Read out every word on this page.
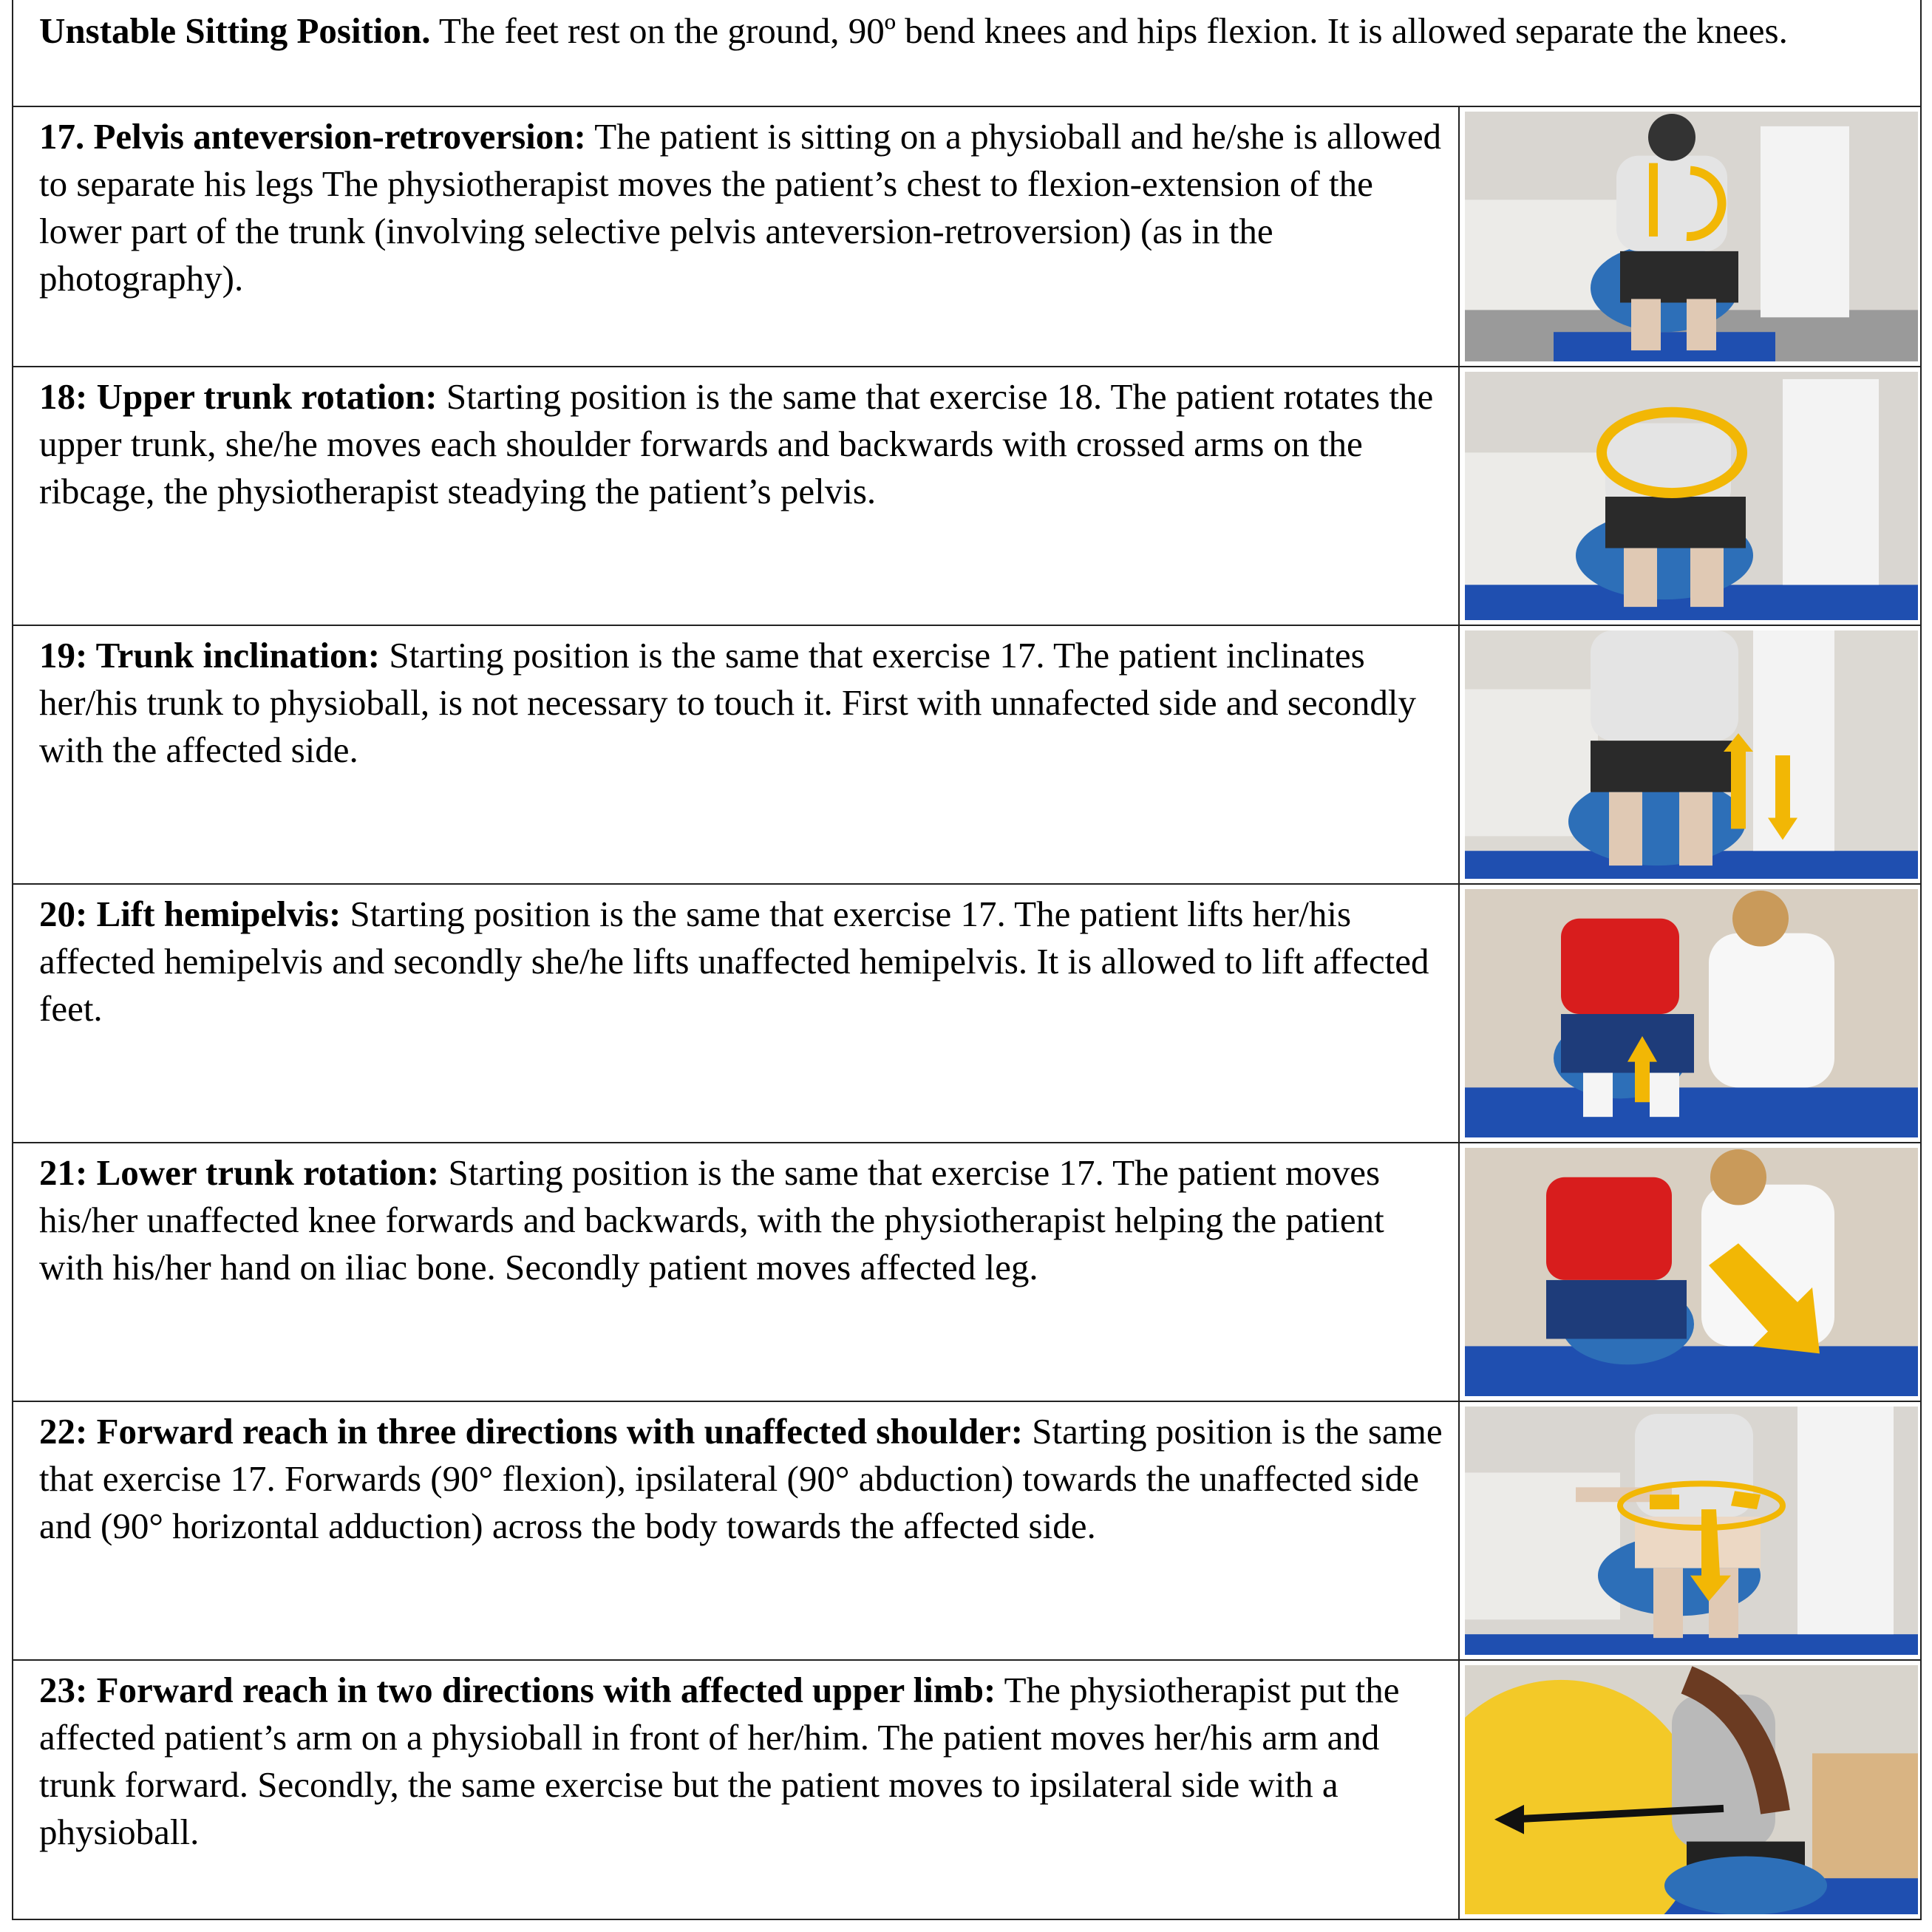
Unstable Sitting Position. The feet rest on the ground, 90º bend knees and hips flexion. It is allowed separate the knees.
17. Pelvis anteversion-retroversion: The patient is sitting on a physioball and he/she is allowed to separate his legs The physiotherapist moves the patient’s chest to flexion-extension of the lower part of the trunk (involving selective pelvis anteversion-retroversion) (as in the photography).
18: Upper trunk rotation: Starting position is the same that exercise 18. The patient rotates the upper trunk, she/he moves each shoulder forwards and backwards with crossed arms on the ribcage, the physiotherapist steadying the patient’s pelvis.
19: Trunk inclination: Starting position is the same that exercise 17. The patient inclinates her/his trunk to physioball, is not necessary to touch it. First with unnafected side and secondly with the affected side.
20: Lift hemipelvis: Starting position is the same that exercise 17. The patient lifts her/his affected hemipelvis and secondly she/he lifts unaffected hemipelvis. It is allowed to lift affected feet.
21: Lower trunk rotation: Starting position is the same that exercise 17. The patient moves his/her unaffected knee forwards and backwards, with the physiotherapist helping the patient with his/her hand on iliac bone. Secondly patient moves affected leg.
22: Forward reach in three directions with unaffected shoulder: Starting position is the same that exercise 17. Forwards (90° flexion), ipsilateral (90° abduction) towards the unaffected side and (90° horizontal adduction) across the body towards the affected side.
23: Forward reach in two directions with affected upper limb: The physiotherapist put the affected patient’s arm on a physioball in front of her/him. The patient moves her/his arm and trunk forward. Secondly, the same exercise but the patient moves to ipsilateral side with a physioball.
